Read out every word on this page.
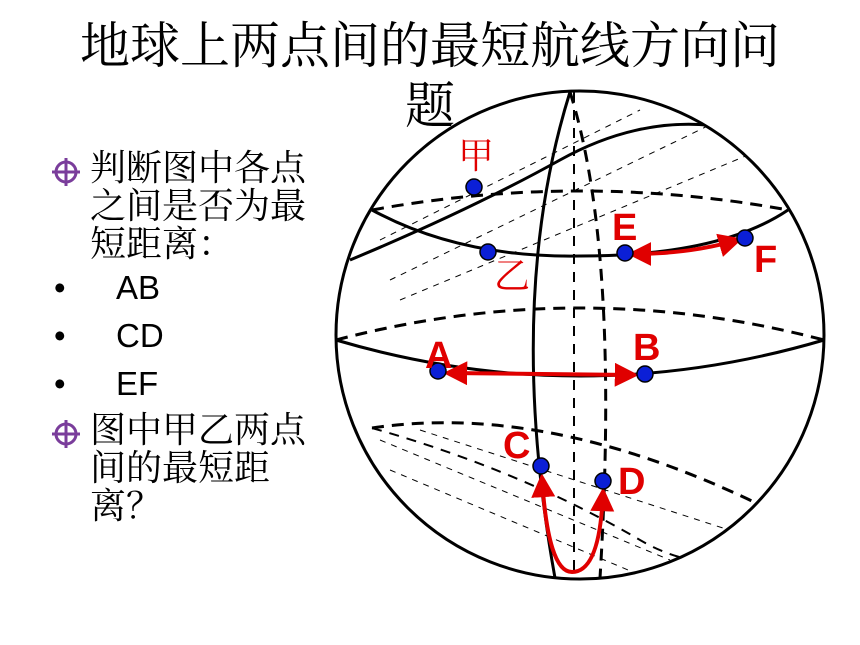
地球上两点间的最短航线方向问
题
判断图中各点之间是否为最短距离：
• AB
• CD
• EF
图中甲乙两点间的最短距离？
甲
乙
E
F
A	B
C
D
